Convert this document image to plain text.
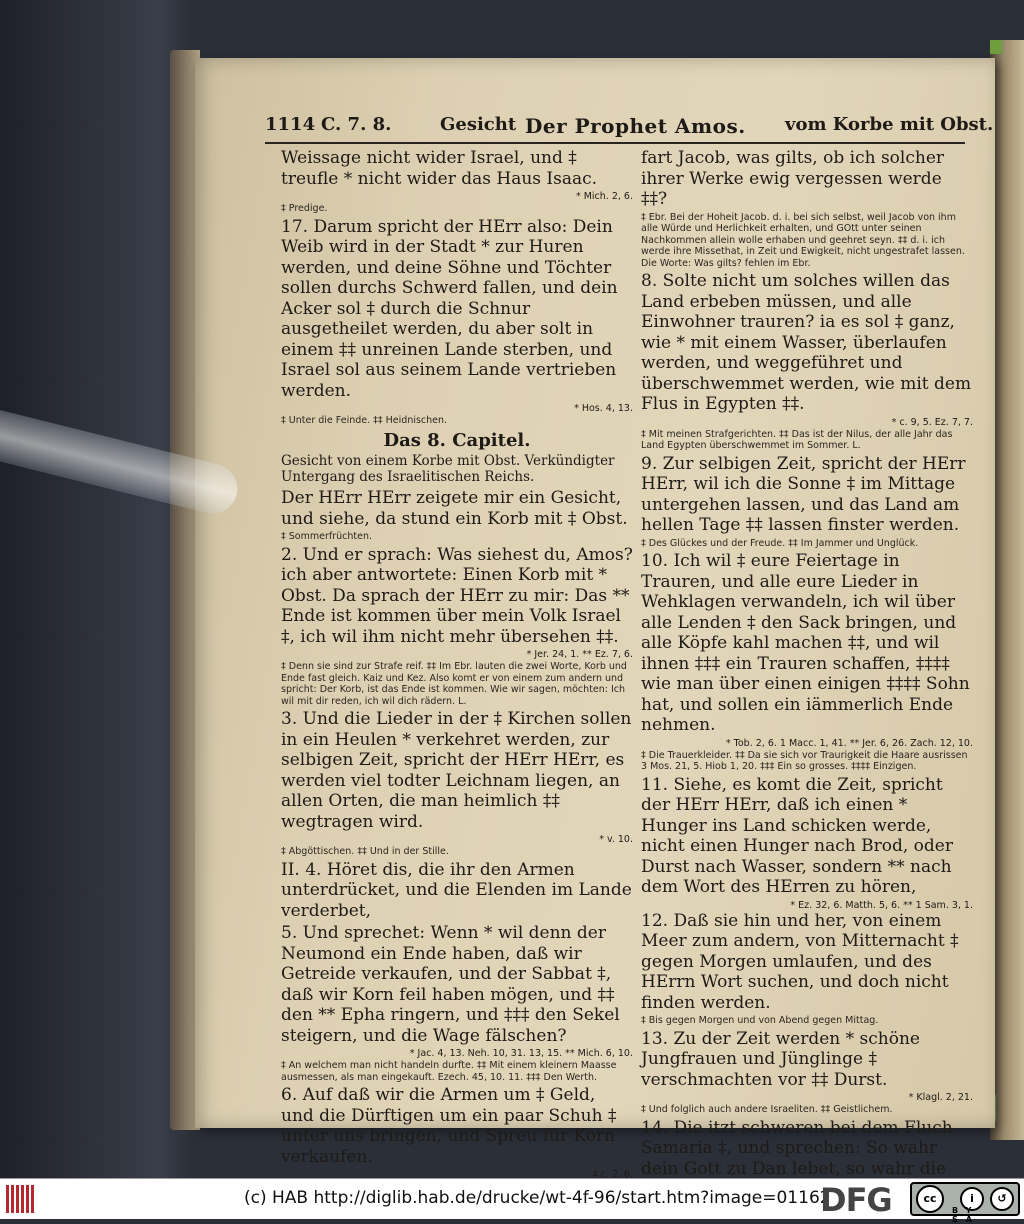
1114 C. 7. 8.	Gesicht Der Prophet Amos. vom Korbe mit Obst.

Weissage nicht wider Israel, und ‡ treufle * nicht wider das Haus Isaac.

* Mich. 2, 6.

‡ Predige.

17. Darum spricht der HErr also: Dein Weib wird in der Stadt * zur Huren werden, und deine Söhne und Töchter sollen durchs Schwerd fallen, und dein Acker sol ‡ durch die Schnur ausgetheilet werden, du aber solt in einem ‡‡ unreinen Lande sterben, und Israel sol aus seinem Lande vertrieben werden.

* Hos. 4, 13.

‡ Unter die Feinde. ‡‡ Heidnischen.

Das 8. Capitel.

Gesicht von einem Korbe mit Obst. Verkündigter Untergang des Israelitischen Reichs.

Der HErr HErr zeigete mir ein Gesicht, und siehe, da stund ein Korb mit ‡ Obst.

‡ Sommerfrüchten.

2. Und er sprach: Was siehest du, Amos? ich aber antwortete: Einen Korb mit * Obst. Da sprach der HErr zu mir: Das ** Ende ist kommen über mein Volk Israel ‡, ich wil ihm nicht mehr übersehen ‡‡.

* Jer. 24, 1. ** Ez. 7, 6.

‡ Denn sie sind zur Strafe reif. ‡‡ Im Ebr. lauten die zwei Worte, Korb und Ende fast gleich. Kaiz und Kez. Also komt er von einem zum andern und spricht: Der Korb, ist das Ende ist kommen. Wie wir sagen, möchten: Ich wil mit dir reden, ich wil dich rädern. L.

3. Und die Lieder in der ‡ Kirchen sollen in ein Heulen * verkehret werden, zur selbigen Zeit, spricht der HErr HErr, es werden viel todter Leichnam liegen, an allen Orten, die man heimlich ‡‡ wegtragen wird.

* v. 10.

‡ Abgöttischen. ‡‡ Und in der Stille.

II. 4. Höret dis, die ihr den Armen unterdrücket, und die Elenden im Lande verderbet,

5. Und sprechet: Wenn * wil denn der Neumond ein Ende haben, daß wir Getreide verkaufen, und der Sabbat ‡, daß wir Korn feil haben mögen, und ‡‡ den ** Epha ringern, und ‡‡‡ den Sekel steigern, und die Wage fälschen?

* Jac. 4, 13. Neh. 10, 31. 13, 15. ** Mich. 6, 10.

‡ An welchem man nicht handeln durfte. ‡‡ Mit einem kleinern Maasse ausmessen, als man eingekauft. Ezech. 45, 10. 11. ‡‡‡ Den Werth.

6. Auf daß wir die Armen um ‡ Geld, und die Dürftigen um ein paar Schuh ‡ unter uns bringen, und Spreu für Korn verkaufen.

‡ c. 2, 6.

fart Jacob, was gilts, ob ich solcher ihrer Werke ewig vergessen werde ‡‡?

‡ Ebr. Bei der Hoheit Jacob. d. i. bei sich selbst, weil Jacob von ihm alle Würde und Herlichkeit erhalten, und GOtt unter seinen Nachkommen allein wolle erhaben und geehret seyn. ‡‡ d. i. ich werde ihre Missethat, in Zeit und Ewigkeit, nicht ungestrafet lassen. Die Worte: Was gilts? fehlen im Ebr.

8. Solte nicht um solches willen das Land erbeben müssen, und alle Einwohner trauren? ia es sol ‡ ganz, wie * mit einem Wasser, überlaufen werden, und weggeführet und überschwemmet werden, wie mit dem Flus in Egypten ‡‡.

* c. 9, 5. Ez. 7, 7.

‡ Mit meinen Strafgerichten. ‡‡ Das ist der Nilus, der alle Jahr das Land Egypten überschwemmet im Sommer. L.

9. Zur selbigen Zeit, spricht der HErr HErr, wil ich die Sonne ‡ im Mittage untergehen lassen, und das Land am hellen Tage ‡‡ lassen finster werden.

‡ Des Glückes und der Freude. ‡‡ Im Jammer und Unglück.

10. Ich wil ‡ eure Feiertage in Trauren, und alle eure Lieder in Wehklagen verwandeln, ich wil über alle Lenden ‡ den Sack bringen, und alle Köpfe kahl machen ‡‡, und wil ihnen ‡‡‡ ein Trauren schaffen, ‡‡‡‡ wie man über einen einigen ‡‡‡‡ Sohn hat, und sollen ein iämmerlich Ende nehmen.

* Tob. 2, 6. 1 Macc. 1, 41. ** Jer. 6, 26. Zach. 12, 10.

‡ Die Trauerkleider. ‡‡ Da sie sich vor Traurigkeit die Haare ausrissen 3 Mos. 21, 5. Hiob 1, 20. ‡‡‡ Ein so grosses. ‡‡‡‡ Einzigen.

11. Siehe, es komt die Zeit, spricht der HErr HErr, daß ich einen * Hunger ins Land schicken werde, nicht einen Hunger nach Brod, oder Durst nach Wasser, sondern ** nach dem Wort des HErren zu hören,

* Ez. 32, 6. Matth. 5, 6. ** 1 Sam. 3, 1.

12. Daß sie hin und her, von einem Meer zum andern, von Mitternacht ‡ gegen Morgen umlaufen, und des HErrn Wort suchen, und doch nicht finden werden.

‡ Bis gegen Morgen und von Abend gegen Mittag.

13. Zu der Zeit werden * schöne Jungfrauen und Jünglinge ‡ verschmachten vor ‡‡ Durst.

* Klagl. 2, 21.

‡ Und folglich auch andere Israeliten. ‡‡ Geistlichem.

14. Die itzt schweren bei dem Fluch Samaria ‡, und sprechen: So wahr dein Gott zu Dan lebet, so wahr die

(c) HAB http://diglib.hab.de/drucke/wt-4f-96/start.htm?image=01162
DFG	cc	i	↺
BY SA
